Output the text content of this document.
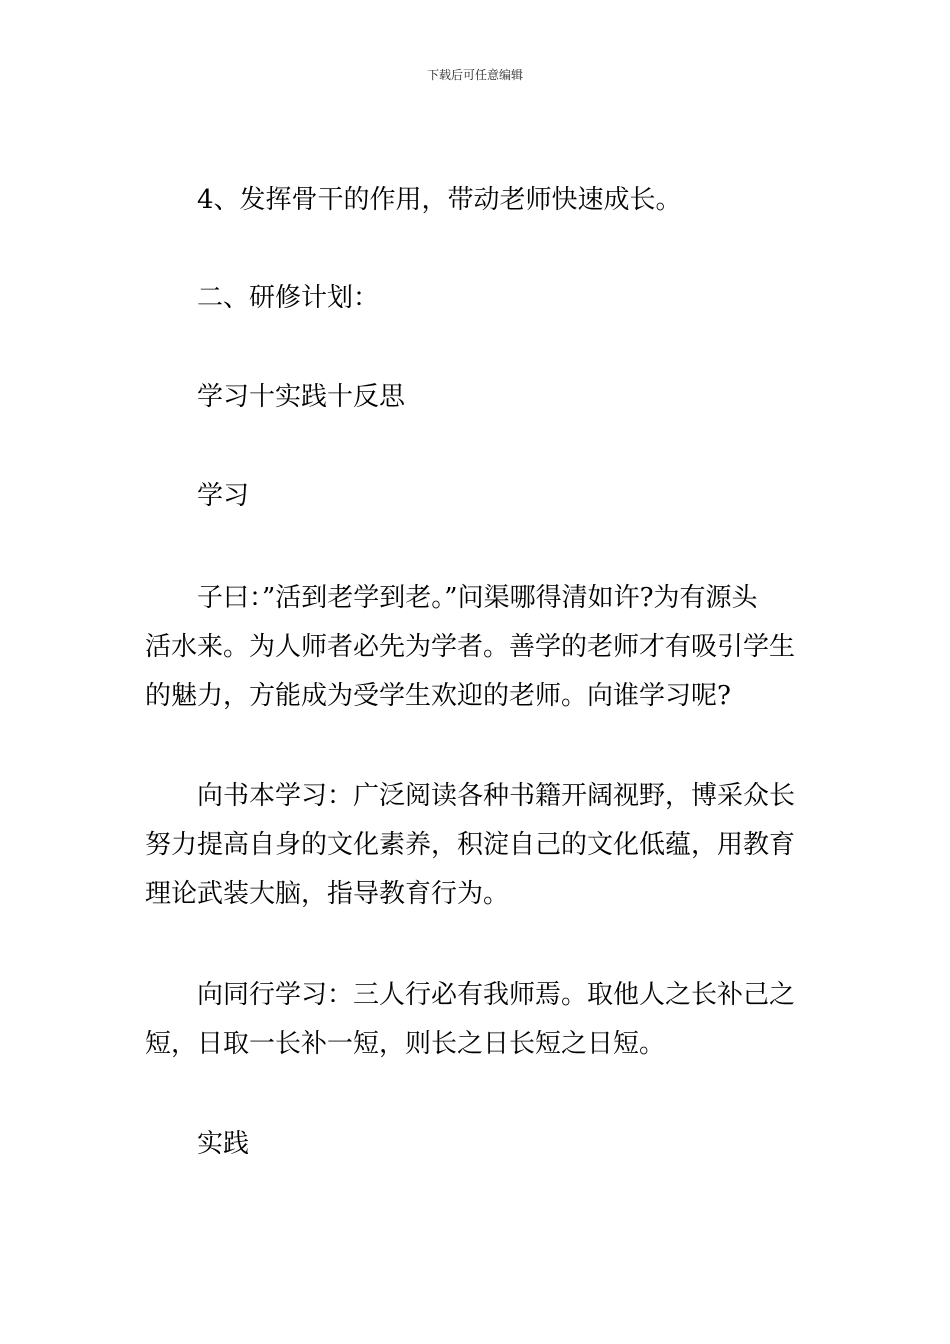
下载后可任意编辑

4、发挥骨干的作用，带动老师快速成长。

二、研修计划：

学习十实践十反思

学习

子曰：”活到老学到老。”问渠哪得清如许?为有源头
活水来。为人师者必先为学者。善学的老师才有吸引学生
的魅力，方能成为受学生欢迎的老师。向谁学习呢?

向书本学习：广泛阅读各种书籍开阔视野，博采众长
努力提高自身的文化素养，积淀自己的文化低蕴，用教育
理论武装大脑，指导教育行为。

向同行学习：三人行必有我师焉。取他人之长补己之
短，日取一长补一短，则长之日长短之日短。

实践
